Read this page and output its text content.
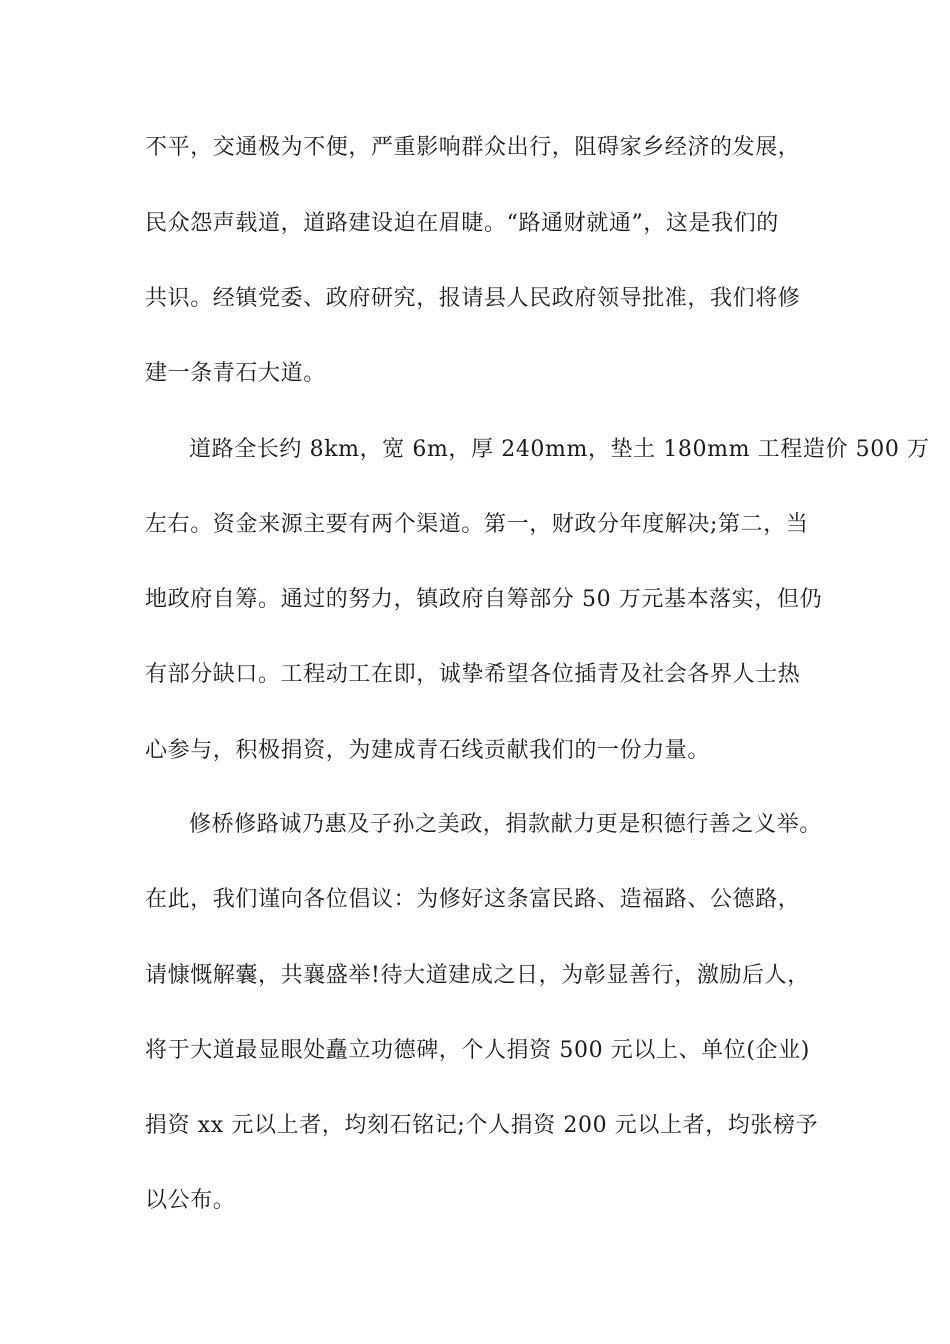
不平，交通极为不便，严重影响群众出行，阻碍家乡经济的发展，

民众怨声载道，道路建设迫在眉睫。“路通财就通”，这是我们的

共识。经镇党委、政府研究，报请县人民政府领导批准，我们将修

建一条青石大道。

道路全长约 8km，宽 6m，厚 240mm，垫土 180mm 工程造价 500 万

左右。资金来源主要有两个渠道。第一，财政分年度解决;第二，当

地政府自筹。通过的努力，镇政府自筹部分 50 万元基本落实，但仍

有部分缺口。工程动工在即，诚挚希望各位插青及社会各界人士热

心参与，积极捐资，为建成青石线贡献我们的一份力量。

修桥修路诚乃惠及子孙之美政，捐款献力更是积德行善之义举。

在此，我们谨向各位倡议：为修好这条富民路、造福路、公德路，

请慷慨解囊，共襄盛举!待大道建成之日，为彰显善行，激励后人，

将于大道最显眼处矗立功德碑，个人捐资 500 元以上、单位(企业)

捐资 xx 元以上者，均刻石铭记;个人捐资 200 元以上者，均张榜予

以公布。
